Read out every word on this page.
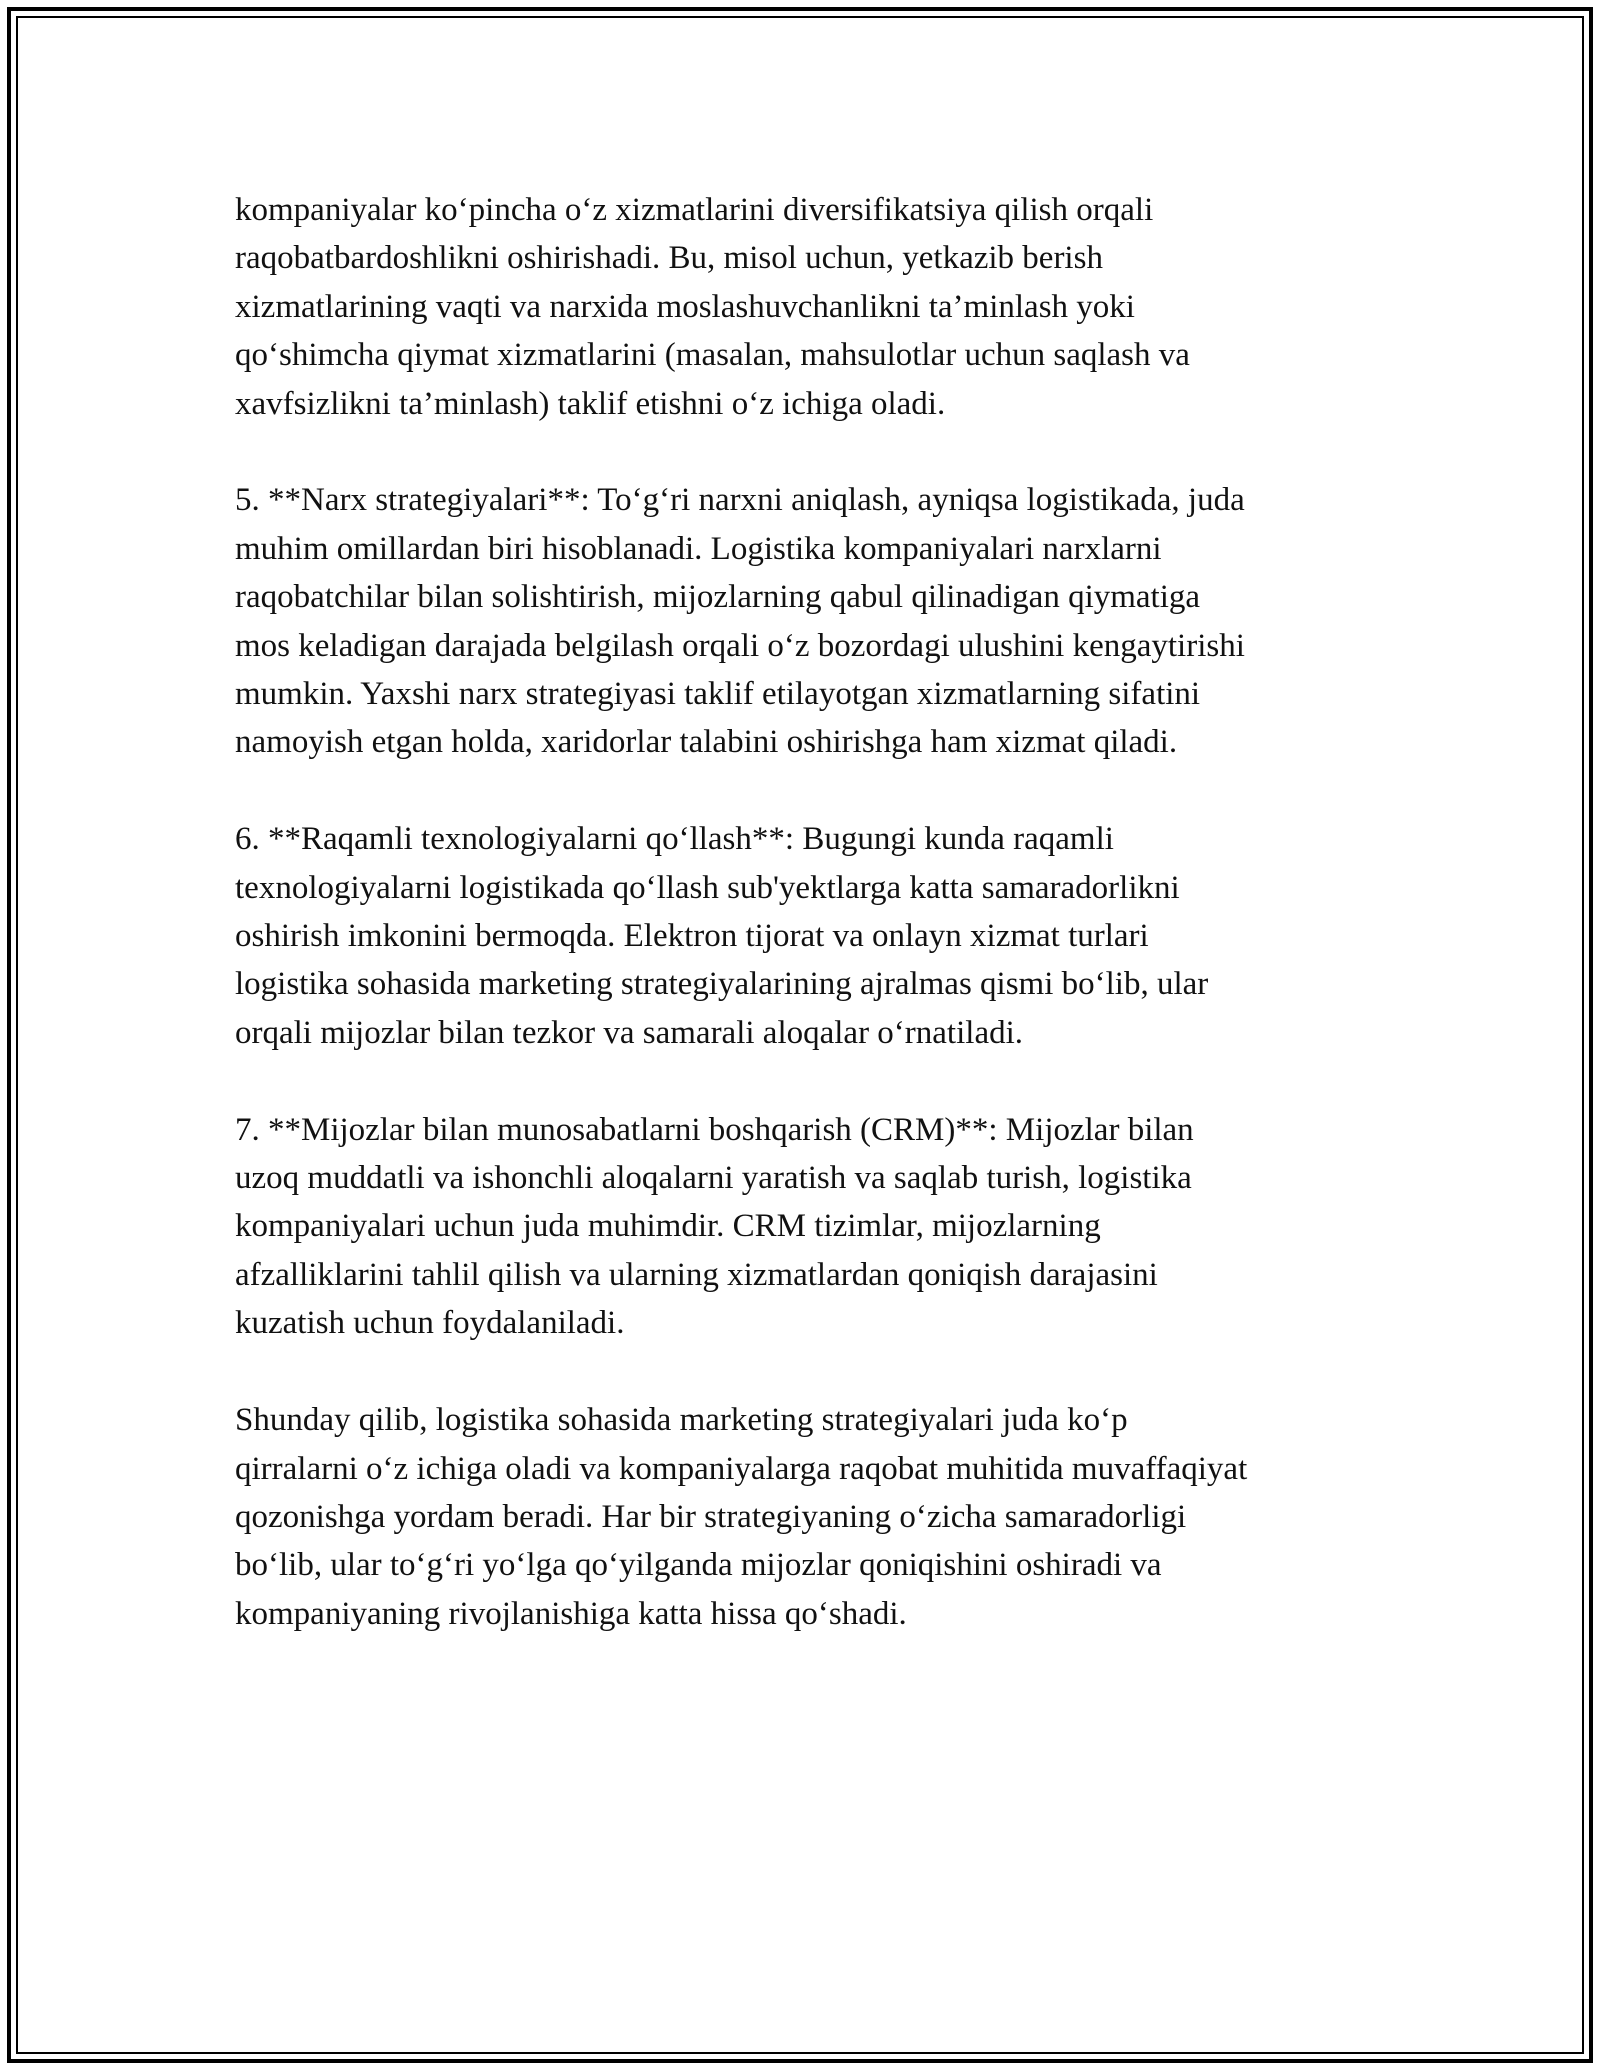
kompaniyalar ko‘pincha o‘z xizmatlarini diversifikatsiya qilish orqali
raqobatbardoshlikni oshirishadi. Bu, misol uchun, yetkazib berish
xizmatlarining vaqti va narxida moslashuvchanlikni ta’minlash yoki
qo‘shimcha qiymat xizmatlarini (masalan, mahsulotlar uchun saqlash va
xavfsizlikni ta’minlash) taklif etishni o‘z ichiga oladi.

5. **Narx strategiyalari**: To‘g‘ri narxni aniqlash, ayniqsa logistikada, juda
muhim omillardan biri hisoblanadi. Logistika kompaniyalari narxlarni
raqobatchilar bilan solishtirish, mijozlarning qabul qilinadigan qiymatiga
mos keladigan darajada belgilash orqali o‘z bozordagi ulushini kengaytirishi
mumkin. Yaxshi narx strategiyasi taklif etilayotgan xizmatlarning sifatini
namoyish etgan holda, xaridorlar talabini oshirishga ham xizmat qiladi.

6. **Raqamli texnologiyalarni qo‘llash**: Bugungi kunda raqamli
texnologiyalarni logistikada qo‘llash sub'yektlarga katta samaradorlikni
oshirish imkonini bermoqda. Elektron tijorat va onlayn xizmat turlari
logistika sohasida marketing strategiyalarining ajralmas qismi bo‘lib, ular
orqali mijozlar bilan tezkor va samarali aloqalar o‘rnatiladi.

7. **Mijozlar bilan munosabatlarni boshqarish (CRM)**: Mijozlar bilan
uzoq muddatli va ishonchli aloqalarni yaratish va saqlab turish, logistika
kompaniyalari uchun juda muhimdir. CRM tizimlar, mijozlarning
afzalliklarini tahlil qilish va ularning xizmatlardan qoniqish darajasini
kuzatish uchun foydalaniladi.

Shunday qilib, logistika sohasida marketing strategiyalari juda ko‘p
qirralarni o‘z ichiga oladi va kompaniyalarga raqobat muhitida muvaffaqiyat
qozonishga yordam beradi. Har bir strategiyaning o‘zicha samaradorligi
bo‘lib, ular to‘g‘ri yo‘lga qo‘yilganda mijozlar qoniqishini oshiradi va
kompaniyaning rivojlanishiga katta hissa qo‘shadi.
